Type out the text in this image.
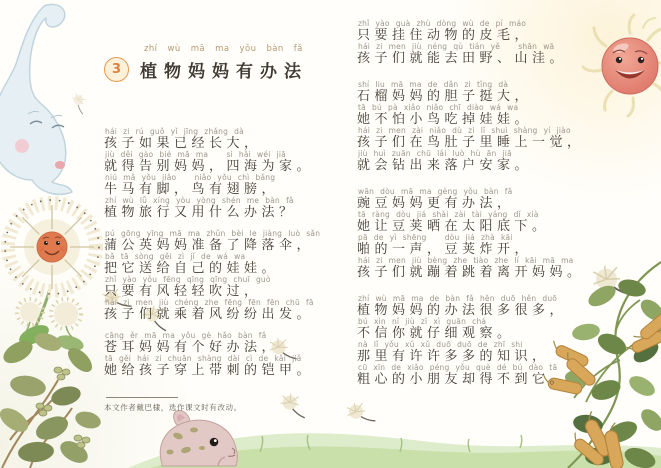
zhí wù mā ma yǒu bàn fǎ
3	植物妈妈有办法
hái zi rú guǒ yǐ jīng zhǎng dà
孩子如果已经长大，
jiù děi gào bié mā ma   sì hǎi wéi jiā
就得告别妈妈，四海为家。
niú mǎ yǒu jiǎo   niǎo yǒu chì bǎng
牛马有脚，鸟有翅膀，
zhí wù lǚ xíng yòu yòng shén me bàn fǎ
植物旅行又用什么办法？
pú gōng yīng mā ma zhǔn bèi le jiàng luò sǎn
蒲公英妈妈准备了降落伞，
bǎ tā sòng gěi zì jǐ de wá wa
把它送给自己的娃娃。
zhǐ yào yǒu fēng qīng qīng chuī guò
只要有风轻轻吹过，
hái zi men jiù chéng zhe fēng fēn fēn chū fā
孩子们就乘着风纷纷出发。
cāng ěr mā ma yǒu gè hǎo bàn fǎ
苍耳妈妈有个好办法，
tā gěi hái zi chuān shàng dài cì de kǎi jiǎ
她给孩子穿上带刺的铠甲。
zhǐ yào guà zhù dòng wù de pí máo
只要挂住动物的皮毛，
hái zi men jiù néng qù tián yě   shān wā
孩子们就能去田野、山洼。
shí liu mā ma de dǎn zi tǐng dà
石榴妈妈的胆子挺大，
tā bú pà xiǎo niǎo chī diào wá wa
她不怕小鸟吃掉娃娃。
hái zi men zài niǎo dù zi lǐ shuì shàng yí jiào
孩子们在鸟肚子里睡上一觉，
jiù huì zuān chū lái luò hù ān jiā
就会钻出来落户安家。
wān dòu mā ma gèng yǒu bàn fǎ
豌豆妈妈更有办法，
tā ràng dòu jiá shài zài tài yáng dǐ xià
她让豆荚晒在太阳底下。
pā de yì shēng   dòu jiá zhà kāi
啪的一声，豆荚炸开，
hái zi men jiù bèng zhe tiào zhe lí kāi mā ma
孩子们就蹦着跳着离开妈妈。
zhí wù mā ma de bàn fǎ hěn duō hěn duō
植物妈妈的办法很多很多，
bú xìn nǐ jiù zǐ xì guān chá
不信你就仔细观察。
nà lǐ yǒu xǔ xǔ duō duō de zhī shi
那里有许许多多的知识，
cū xīn de xiǎo péng yǒu què dé bú dào tā
粗心的小朋友却得不到它。
本文作者戴巴棣，选作课文时有改动。
